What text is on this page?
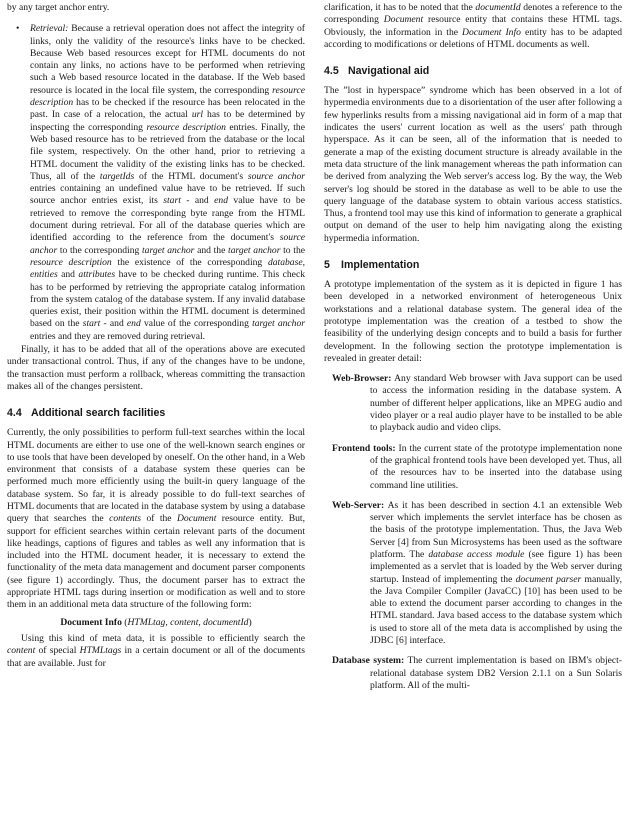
by any target anchor entry.

• Retrieval: Because a retrieval operation does not affect the integrity of links, only the validity of the resource's links have to be checked. Because Web based resources except for HTML documents do not contain any links, no actions have to be performed when retrieving such a Web based resource located in the database. If the Web based resource is located in the local file system, the corresponding resource description has to be checked if the resource has been relocated in the past. In case of a relocation, the actual url has to be determined by inspecting the corresponding resource description entries. Finally, the Web based resource has to be retrieved from the database or the local file system, respectively. On the other hand, prior to retrieving a HTML document the validity of the existing links has to be checked. Thus, all of the targetIds of the HTML document's source anchor entries containing an undefined value have to be retrieved. If such source anchor entries exist, its start - and end value have to be retrieved to remove the corresponding byte range from the HTML document during retrieval. For all of the database queries which are identified according to the reference from the document's source anchor to the corresponding target anchor and the target anchor to the resource description the existence of the corresponding database, entities and attributes have to be checked during runtime. This check has to be performed by retrieving the appropriate catalog information from the system catalog of the database system. If any invalid database queries exist, their position within the HTML document is determined based on the start - and end value of the corresponding target anchor entries and they are removed during retrieval.

Finally, it has to be added that all of the operations above are executed under transactional control. Thus, if any of the changes have to be undone, the transaction must perform a rollback, whereas committing the transaction makes all of the changes persistent.

4.4 Additional search facilities

Currently, the only possibilities to perform full-text searches within the local HTML documents are either to use one of the well-known search engines or to use tools that have been developed by oneself. On the other hand, in a Web environment that consists of a database system these queries can be performed much more efficiently using the built-in query language of the database system. So far, it is already possible to do full-text searches of HTML documents that are located in the database system by using a database query that searches the contents of the Document resource entity. But, support for efficient searches within certain relevant parts of the document like headings, captions of figures and tables as well any information that is included into the HTML document header, it is necessary to extend the functionality of the meta data management and document parser components (see figure 1) accordingly. Thus, the document parser has to extract the appropriate HTML tags during insertion or modification as well and to store them in an additional meta data structure of the following form:

Document Info (HTMLtag, content, documentId)

Using this kind of meta data, it is possible to efficiently search the content of special HTMLtags in a certain document or all of the documents that are available. Just for

clarification, it has to be noted that the documentId denotes a reference to the corresponding Document resource entity that contains these HTML tags. Obviously, the information in the Document Info entity has to be adapted according to modifications or deletions of HTML documents as well.

4.5 Navigational aid

The ”lost in hyperspace” syndrome which has been observed in a lot of hypermedia environments due to a disorientation of the user after following a few hyperlinks results from a missing navigational aid in form of a map that indicates the users' current location as well as the users' path through hyperspace. As it can be seen, all of the information that is needed to generate a map of the existing document structure is already available in the meta data structure of the link management whereas the path information can be derived from analyzing the Web server's access log. By the way, the Web server's log should be stored in the database as well to be able to use the query language of the database system to obtain various access statistics. Thus, a frontend tool may use this kind of information to generate a graphical output on demand of the user to help him navigating along the existing hypermedia information.

5 Implementation

A prototype implementation of the system as it is depicted in figure 1 has been developed in a networked environment of heterogeneous Unix workstations and a relational database system. The general idea of the prototype implementation was the creation of a testbed to show the feasibility of the underlying design concepts and to build a basis for further development. In the following section the prototype implementation is revealed in greater detail:

Web-Browser: Any standard Web browser with Java support can be used to access the information residing in the database system. A number of different helper applications, like an MPEG audio and video player or a real audio player have to be installed to be able to playback audio and video clips.

Frontend tools: In the current state of the prototype implementation none of the graphical frontend tools have been developed yet. Thus, all of the resources hav to be inserted into the database using command line utilities.

Web-Server: As it has been described in section 4.1 an extensible Web server which implements the servlet interface has be chosen as the basis of the prototype implementation. Thus, the Java Web Server [4] from Sun Microsystems has been used as the software platform. The database access module (see figure 1) has been implemented as a servlet that is loaded by the Web server during startup. Instead of implementing the document parser manually, the Java Compiler Compiler (JavaCC) [10] has been used to be able to extend the document parser according to changes in the HTML standard. Java based access to the database system which is used to store all of the meta data is accomplished by using the JDBC [6] interface.

Database system: The current implementation is based on IBM's object-relational database system DB2 Version 2.1.1 on a Sun Solaris platform. All of the multi-
